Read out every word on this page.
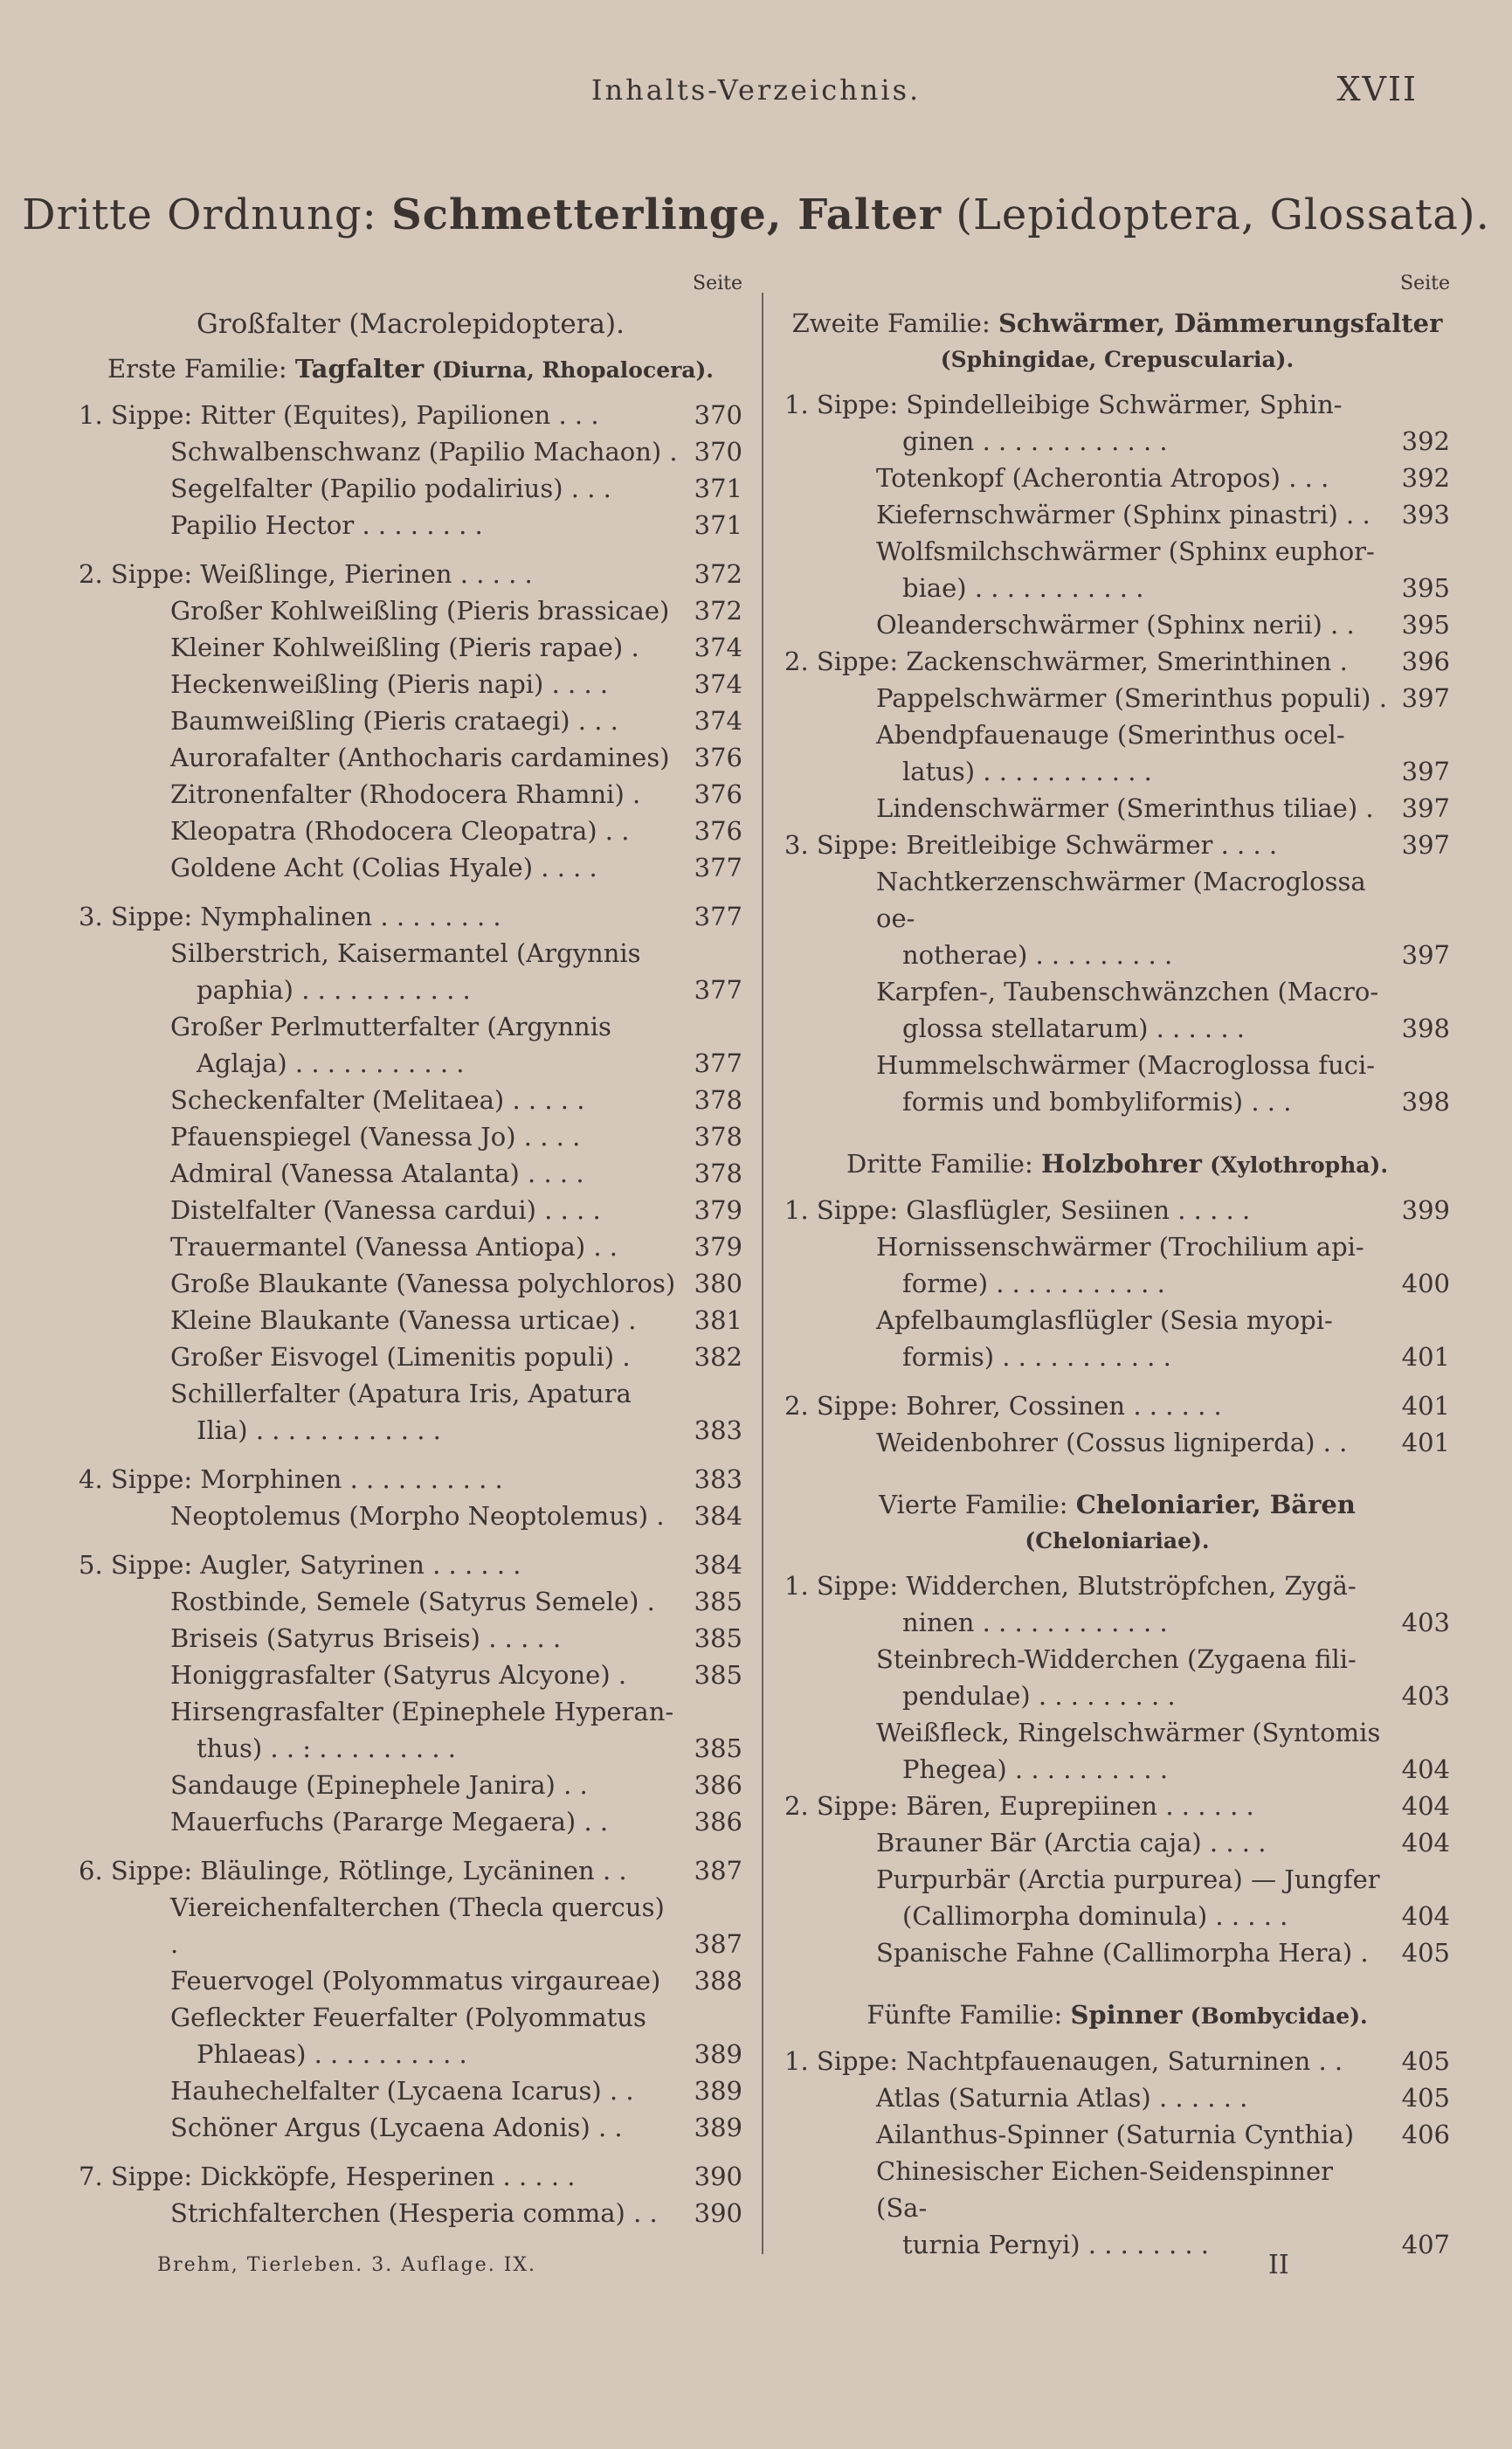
Inhalts-Verzeichnis.	XVII
Dritte Ordnung: Schmetterlinge, Falter (Lepidoptera, Glossata).
Seite
Großfalter (Macrolepidoptera).
Erste Familie: Tagfalter (Diurna, Rhopalocera).
1. Sippe: Ritter (Equites), Papilionen . . .	370
Schwalbenschwanz (Papilio Machaon) . 370
Segelfalter (Papilio podalirius) . . .	371
Papilio Hector . . . . . . . .	371
2. Sippe: Weißlinge, Pierinen . . . . .	372
Großer Kohlweißling (Pieris brassicae) 372
Kleiner Kohlweißling (Pieris rapae) .	374
Heckenweißling (Pieris napi) . . . .	374
Baumweißling (Pieris crataegi) . . .	374
Aurorafalter (Anthocharis cardamines) 376
Zitronenfalter (Rhodocera Rhamni) .	376
Kleopatra (Rhodocera Cleopatra) . .	376
Goldene Acht (Colias Hyale) . . . .	377
3. Sippe: Nymphalinen . . . . . . . .	377
Silberstrich, Kaisermantel (Argynnis
paphia) . . . . . . . . . . .	377
Großer Perlmutterfalter (Argynnis
Aglaja) . . . . . . . . . . .	377
Scheckenfalter (Melitaea) . . . . .	378
Pfauenspiegel (Vanessa Jo) . . . .	378
Admiral (Vanessa Atalanta) . . . .	378
Distelfalter (Vanessa cardui) . . . .	379
Trauermantel (Vanessa Antiopa) . .	379
Große Blaukante (Vanessa polychloros) 380
Kleine Blaukante (Vanessa urticae) .	381
Großer Eisvogel (Limenitis populi) .	382
Schillerfalter (Apatura Iris, Apatura
Ilia) . . . . . . . . . . . .	383
4. Sippe: Morphinen . . . . . . . . . .	383
Neoptolemus (Morpho Neoptolemus) .	384
5. Sippe: Augler, Satyrinen . . . . . .	384
Rostbinde, Semele (Satyrus Semele) .	385
Briseis (Satyrus Briseis) . . . . .	385
Honiggrasfalter (Satyrus Alcyone) .	385
Hirsengrasfalter (Epinephele Hyperan-
thus) . . : . . . . . . . . .	385
Sandauge (Epinephele Janira) . .	386
Mauerfuchs (Pararge Megaera) . .	386
6. Sippe: Bläulinge, Rötlinge, Lycäninen . .	387
Viereichenfalterchen (Thecla quercus) .	387
Feuervogel (Polyommatus virgaureae)	388
Gefleckter Feuerfalter (Polyommatus
Phlaeas) . . . . . . . . . .	389
Hauhechelfalter (Lycaena Icarus) . .	389
Schöner Argus (Lycaena Adonis) . .	389
7. Sippe: Dickköpfe, Hesperinen . . . . .	390
Strichfalterchen (Hesperia comma) . .	390
Seite
Zweite Familie: Schwärmer, Dämmerungsfalter (Sphingidae, Crepuscularia).
1. Sippe: Spindelleibige Schwärmer, Sphin-
ginen . . . . . . . . . . . .	392
Totenkopf (Acherontia Atropos) . . .	392
Kiefernschwärmer (Sphinx pinastri) . .	393
Wolfsmilchschwärmer (Sphinx euphor-
biae) . . . . . . . . . . .	395
Oleanderschwärmer (Sphinx nerii) . .	395
2. Sippe: Zackenschwärmer, Smerinthinen .	396
Pappelschwärmer (Smerinthus populi) . 397
Abendpfauenauge (Smerinthus ocel-
latus) . . . . . . . . . . .	397
Lindenschwärmer (Smerinthus tiliae) .	397
3. Sippe: Breitleibige Schwärmer . . . .	397
Nachtkerzenschwärmer (Macroglossa oe-
notherae) . . . . . . . . .	397
Karpfen-, Taubenschwänzchen (Macro-
glossa stellatarum) . . . . . .	398
Hummelschwärmer (Macroglossa fuci-
formis und bombyliformis) . . .	398
Dritte Familie: Holzbohrer (Xylothropha).
1. Sippe: Glasflügler, Sesiinen . . . . .	399
Hornissenschwärmer (Trochilium api-
forme) . . . . . . . . . . .	400
Apfelbaumglasflügler (Sesia myopi-
formis) . . . . . . . . . . .	401
2. Sippe: Bohrer, Cossinen . . . . . .	401
Weidenbohrer (Cossus ligniperda) . .	401
Vierte Familie: Cheloniarier, Bären (Cheloniariae).
1. Sippe: Widderchen, Blutströpfchen, Zygä-
ninen . . . . . . . . . . . .	403
Steinbrech-Widderchen (Zygaena fili-
pendulae) . . . . . . . . .	403
Weißfleck, Ringelschwärmer (Syntomis
Phegea) . . . . . . . . . .	404
2. Sippe: Bären, Euprepiinen . . . . . .	404
Brauner Bär (Arctia caja) . . . .	404
Purpurbär (Arctia purpurea) — Jungfer
(Callimorpha dominula) . . . . .	404
Spanische Fahne (Callimorpha Hera) .	405
Fünfte Familie: Spinner (Bombycidae).
1. Sippe: Nachtpfauenaugen, Saturninen . .	405
Atlas (Saturnia Atlas) . . . . . .	405
Ailanthus-Spinner (Saturnia Cynthia)	406
Chinesischer Eichen-Seidenspinner (Sa-
turnia Pernyi) . . . . . . . .	407
Brehm, Tierleben. 3. Auflage. IX.	II
